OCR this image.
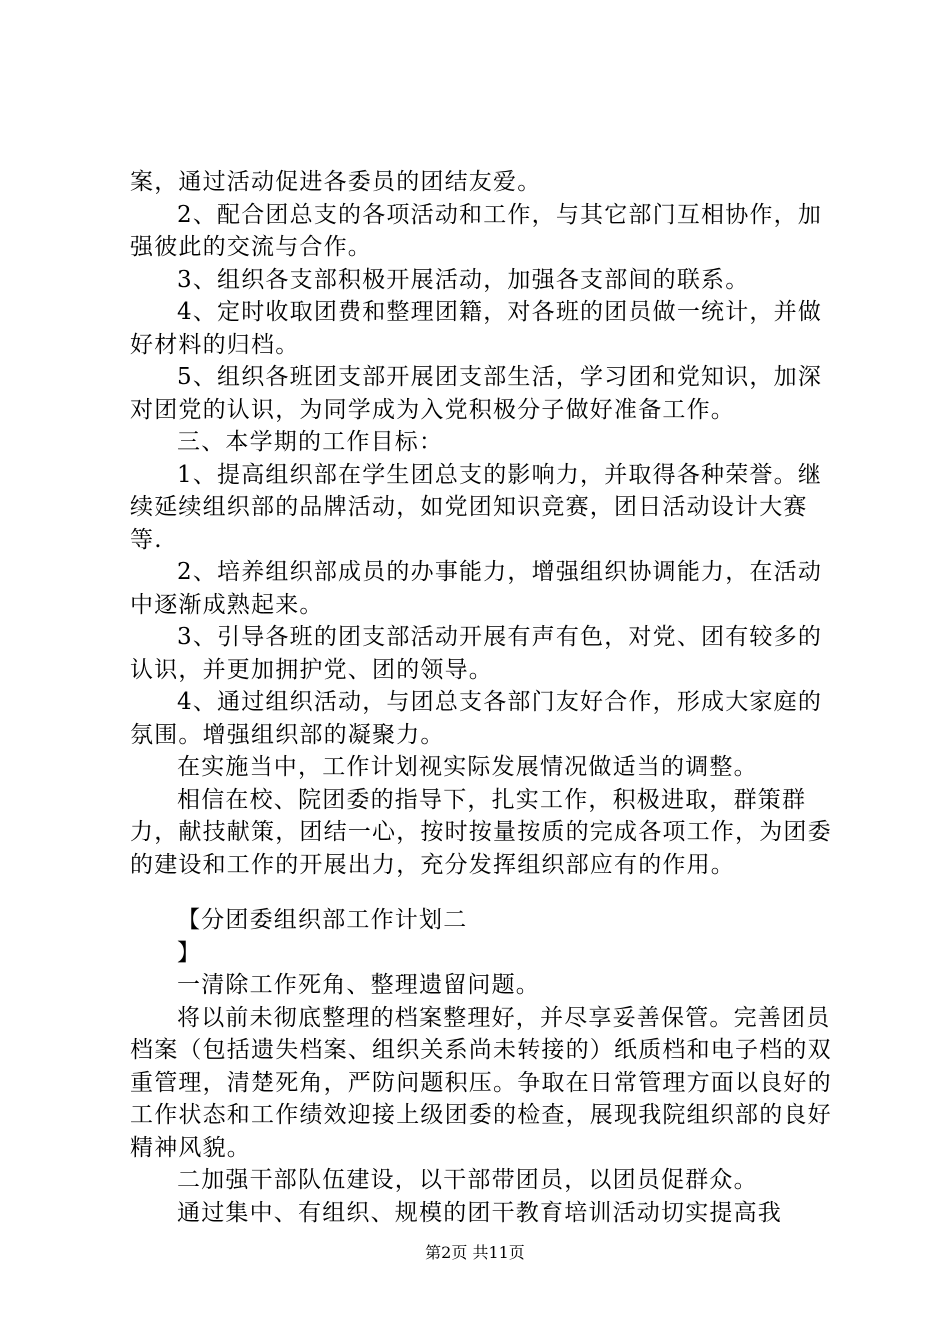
案，通过活动促进各委员的团结友爱。

2、配合团总支的各项活动和工作，与其它部门互相协作，加强彼此的交流与合作。

3、组织各支部积极开展活动，加强各支部间的联系。

4、定时收取团费和整理团籍，对各班的团员做一统计，并做好材料的归档。

5、组织各班团支部开展团支部生活，学习团和党知识，加深对团党的认识，为同学成为入党积极分子做好准备工作。

三、本学期的工作目标：

1、提高组织部在学生团总支的影响力，并取得各种荣誉。继续延续组织部的品牌活动，如党团知识竞赛，团日活动设计大赛等.

2、培养组织部成员的办事能力，增强组织协调能力，在活动中逐渐成熟起来。

3、引导各班的团支部活动开展有声有色，对党、团有较多的认识，并更加拥护党、团的领导。

4、通过组织活动，与团总支各部门友好合作，形成大家庭的氛围。增强组织部的凝聚力。

在实施当中，工作计划视实际发展情况做适当的调整。

相信在校、院团委的指导下，扎实工作，积极进取，群策群力，献技献策，团结一心，按时按量按质的完成各项工作，为团委的建设和工作的开展出力，充分发挥组织部应有的作用。

【分团委组织部工作计划二
】

一清除工作死角、整理遗留问题。

将以前未彻底整理的档案整理好，并尽享妥善保管。完善团员档案（包括遗失档案、组织关系尚未转接的）纸质档和电子档的双重管理，清楚死角，严防问题积压。争取在日常管理方面以良好的工作状态和工作绩效迎接上级团委的检查，展现我院组织部的良好精神风貌。

二加强干部队伍建设，以干部带团员，以团员促群众。

通过集中、有组织、规模的团干教育培训活动切实提高我

第2页 共11页
